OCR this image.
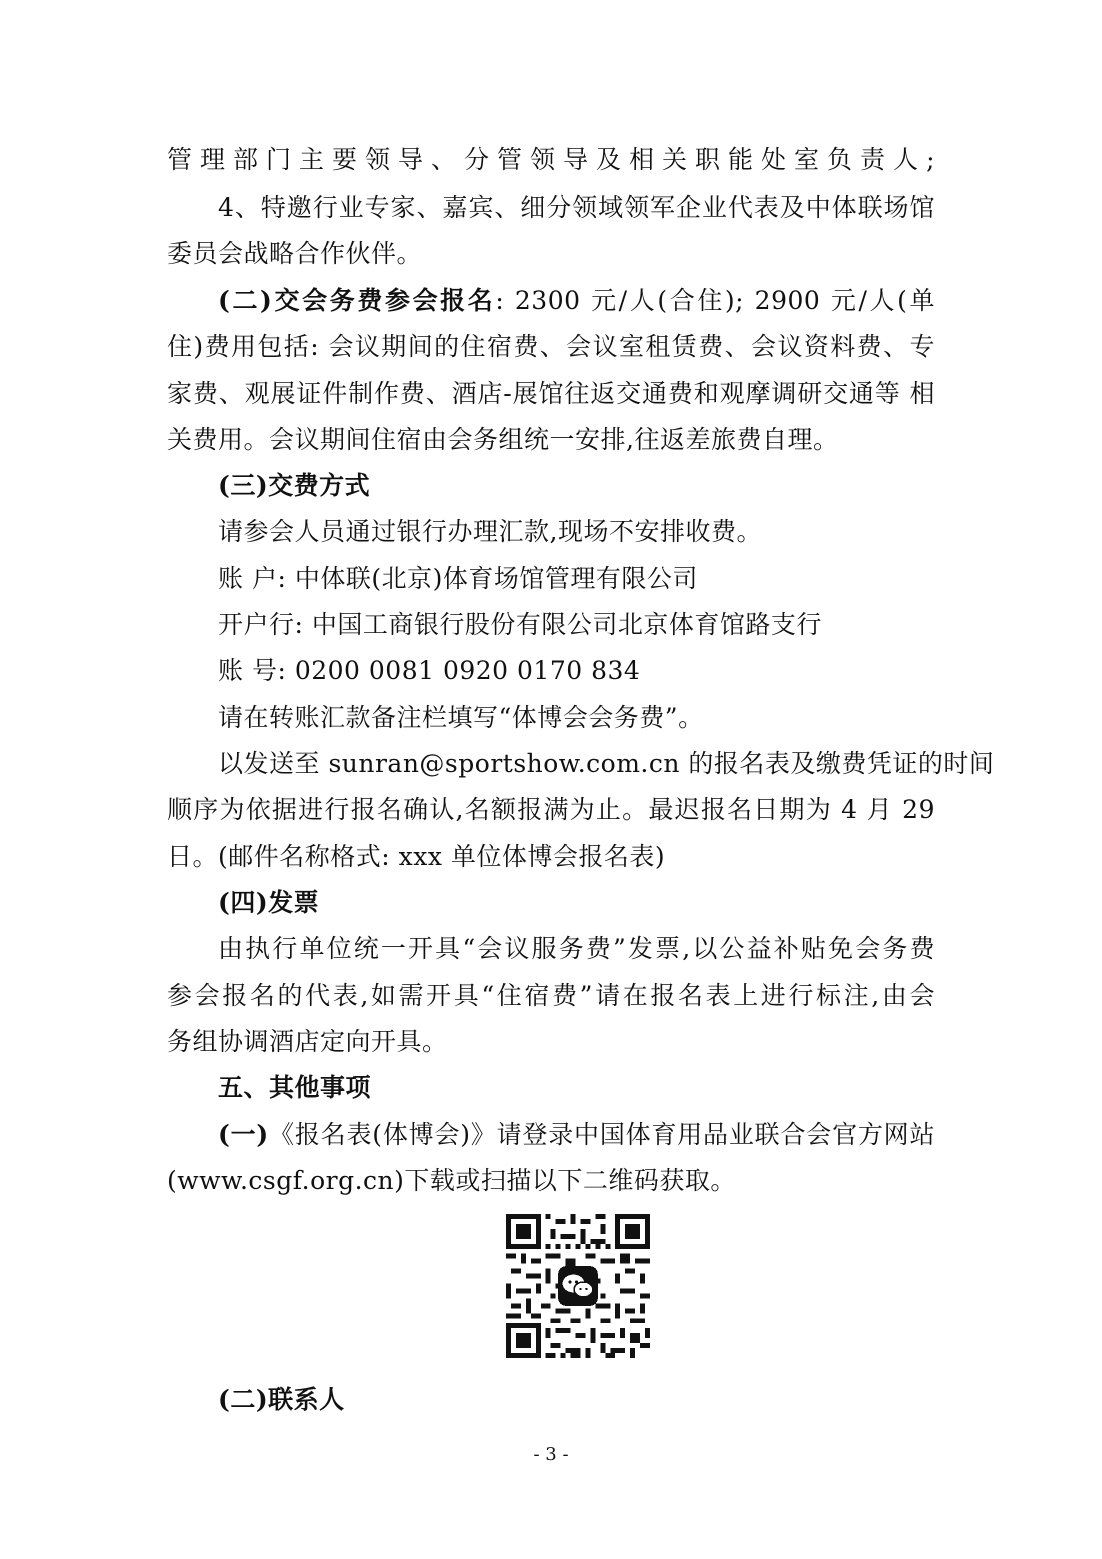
管理部门主要领导、分管领导及相关职能处室负责人;
4、特邀行业专家、嘉宾、细分领域领军企业代表及中体联场馆
委员会战略合作伙伴。
(二)交会务费参会报名: 2300 元/人(合住); 2900 元/人(单
住)费用包括: 会议期间的住宿费、会议室租赁费、会议资料费、专
家费、观展证件制作费、酒店-展馆往返交通费和观摩调研交通等 相
关费用。会议期间住宿由会务组统一安排,往返差旅费自理。
(三)交费方式
请参会人员通过银行办理汇款,现场不安排收费。
账 户: 中体联(北京)体育场馆管理有限公司
开户行: 中国工商银行股份有限公司北京体育馆路支行
账 号: 0200 0081 0920 0170 834
请在转账汇款备注栏填写“体博会会务费”。
以发送至 sunran@sportshow.com.cn 的报名表及缴费凭证的时间
顺序为依据进行报名确认,名额报满为止。最迟报名日期为 4 月 29
日。(邮件名称格式: xxx 单位体博会报名表)
(四)发票
由执行单位统一开具“会议服务费”发票,以公益补贴免会务费
参会报名的代表,如需开具“住宿费”请在报名表上进行标注,由会
务组协调酒店定向开具。
五、其他事项
(一)《报名表(体博会)》请登录中国体育用品业联合会官方网站
(www.csgf.org.cn)下载或扫描以下二维码获取。
(二)联系人
- 3 -
